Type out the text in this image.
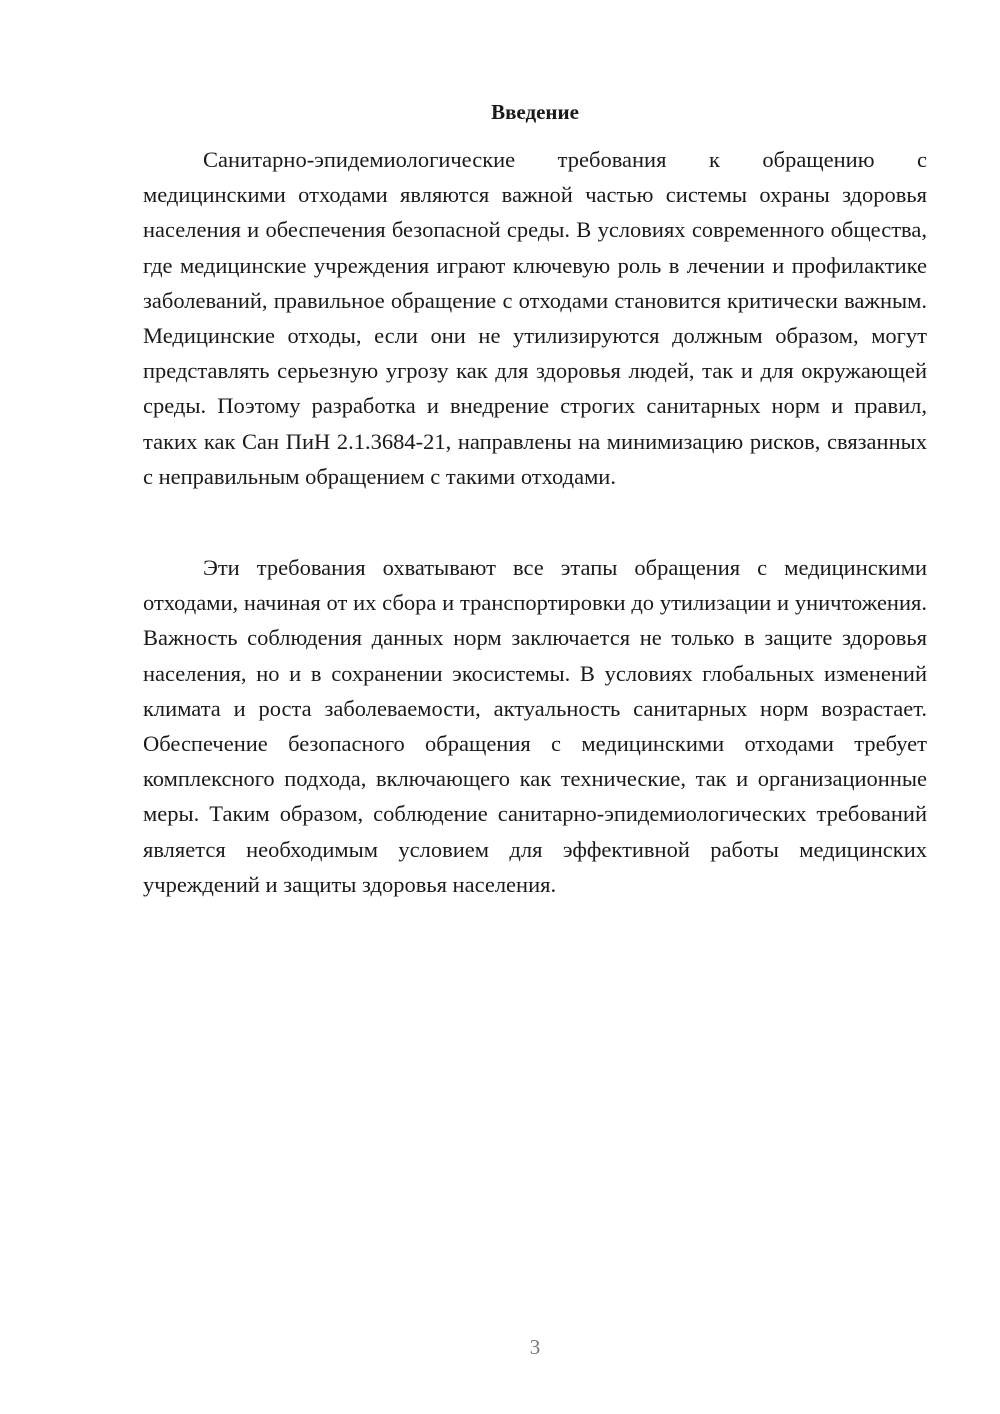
Введение

Санитарно-эпидемиологические требования к обращению с медицинскими отходами являются важной частью системы охраны здоровья населения и обеспечения безопасной среды. В условиях современного общества, где медицинские учреждения играют ключевую роль в лечении и профилактике заболеваний, правильное обращение с отходами становится критически важным. Медицинские отходы, если они не утилизируются должным образом, могут представлять серьезную угрозу как для здоровья людей, так и для окружающей среды. Поэтому разработка и внедрение строгих санитарных норм и правил, таких как Сан ПиН 2.1.3684-21, направлены на минимизацию рисков, связанных с неправильным обращением с такими отходами.

Эти требования охватывают все этапы обращения с медицинскими отходами, начиная от их сбора и транспортировки до утилизации и уничтожения. Важность соблюдения данных норм заключается не только в защите здоровья населения, но и в сохранении экосистемы. В условиях глобальных изменений климата и роста заболеваемости, актуальность санитарных норм возрастает. Обеспечение безопасного обращения с медицинскими отходами требует комплексного подхода, включающего как технические, так и организационные меры. Таким образом, соблюдение санитарно-эпидемиологических требований является необходимым условием для эффективной работы медицинских учреждений и защиты здоровья населения.

3
